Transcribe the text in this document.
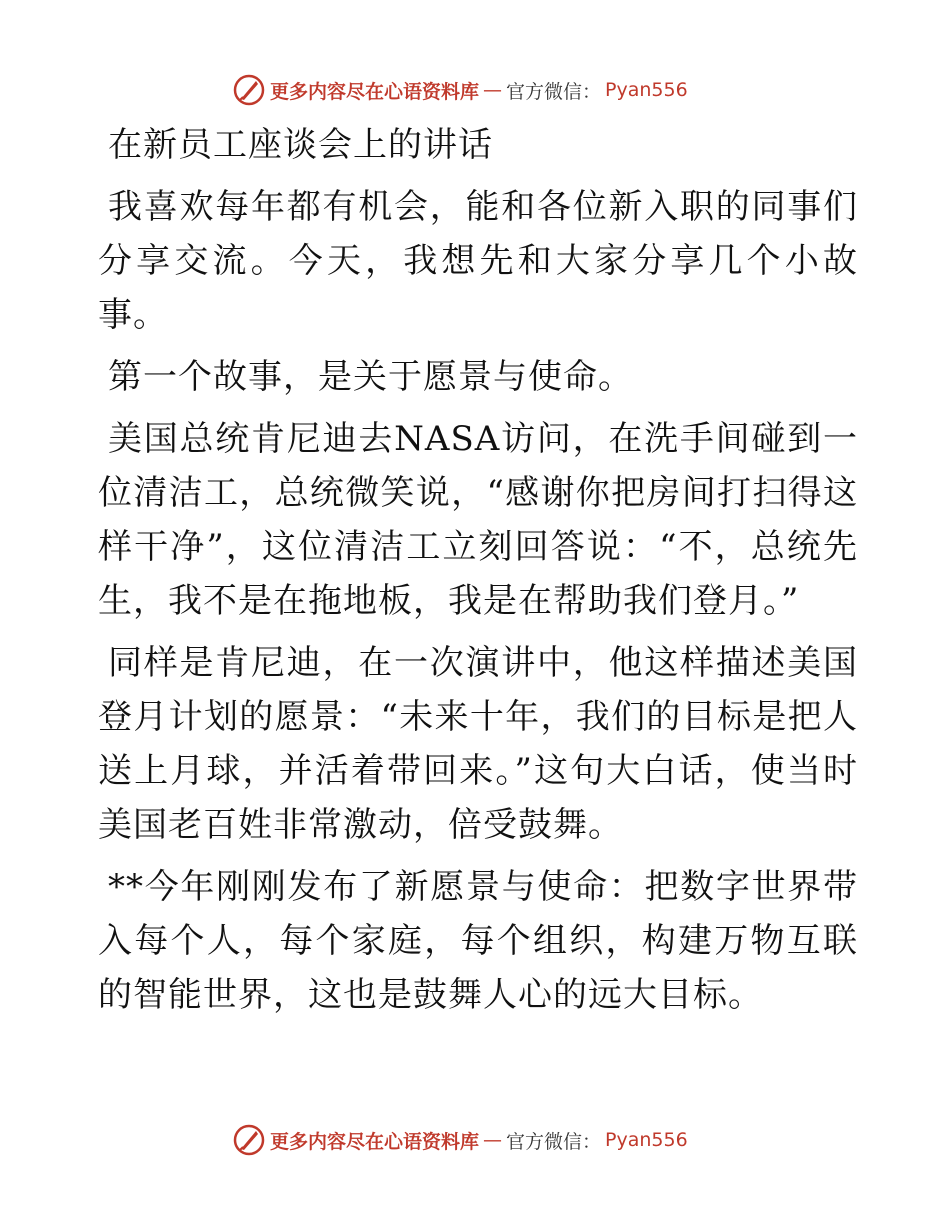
更多内容尽在心语资料库 — 官方微信： Pyan556

在新员工座谈会上的讲话

我喜欢每年都有机会，能和各位新入职的同事们分享交流。今天，我想先和大家分享几个小故事。

第一个故事，是关于愿景与使命。

美国总统肯尼迪去NASA访问，在洗手间碰到一位清洁工，总统微笑说，“感谢你把房间打扫得这样干净”，这位清洁工立刻回答说：“不，总统先生，我不是在拖地板，我是在帮助我们登月。”

同样是肯尼迪，在一次演讲中，他这样描述美国登月计划的愿景：“未来十年，我们的目标是把人送上月球，并活着带回来。”这句大白话，使当时美国老百姓非常激动，倍受鼓舞。

**今年刚刚发布了新愿景与使命：把数字世界带入每个人，每个家庭，每个组织，构建万物互联的智能世界，这也是鼓舞人心的远大目标。

更多内容尽在心语资料库 — 官方微信： Pyan556
